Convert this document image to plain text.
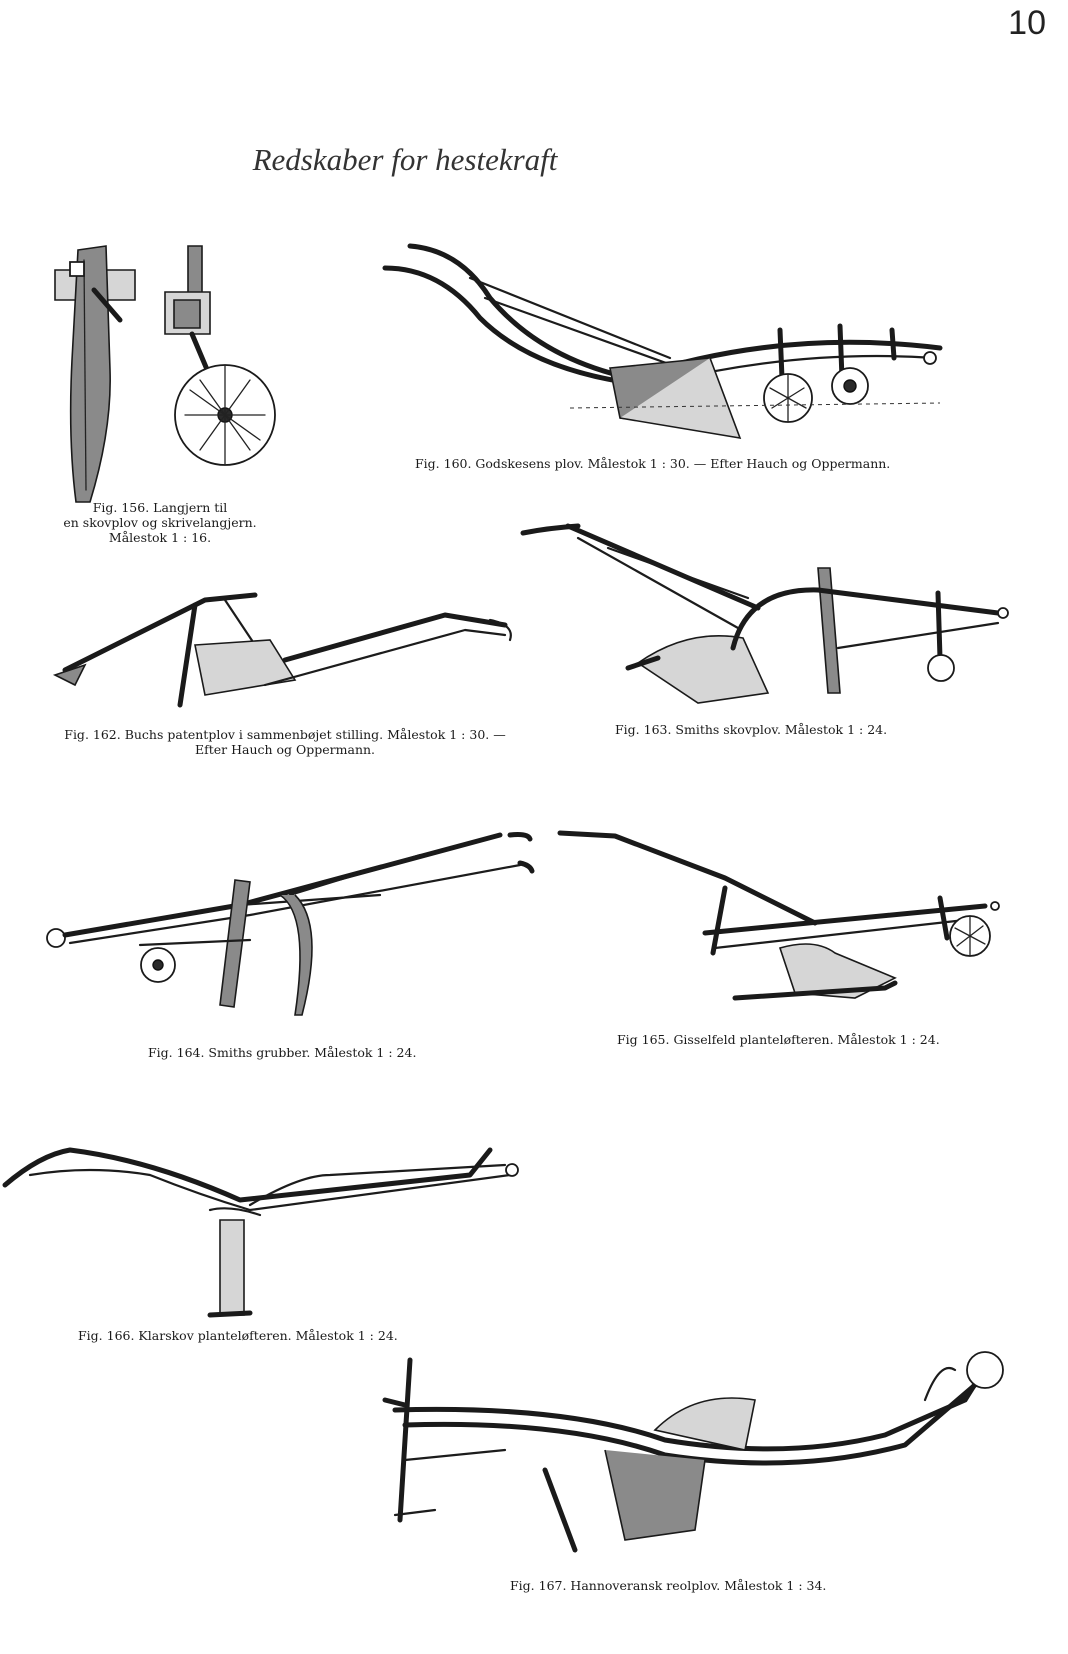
10
Redskaber for hestekraft
Fig. 156. Langjern til
en skovplov og skrivelangjern.
Målestok 1 : 16.
Fig. 160. Godskesens plov. Målestok 1 : 30. — Efter Hauch og Oppermann.
Fig. 162. Buchs patentplov i sammenbøjet stilling. Målestok 1 : 30. —
Efter Hauch og Oppermann.
Fig. 163. Smiths skovplov. Målestok 1 : 24.
Fig. 164. Smiths grubber. Målestok 1 : 24.
Fig 165. Gisselfeld planteløfteren. Målestok 1 : 24.
Fig. 166. Klarskov planteløfteren. Målestok 1 : 24.
Fig. 167. Hannoveransk reolplov. Målestok 1 : 34.
